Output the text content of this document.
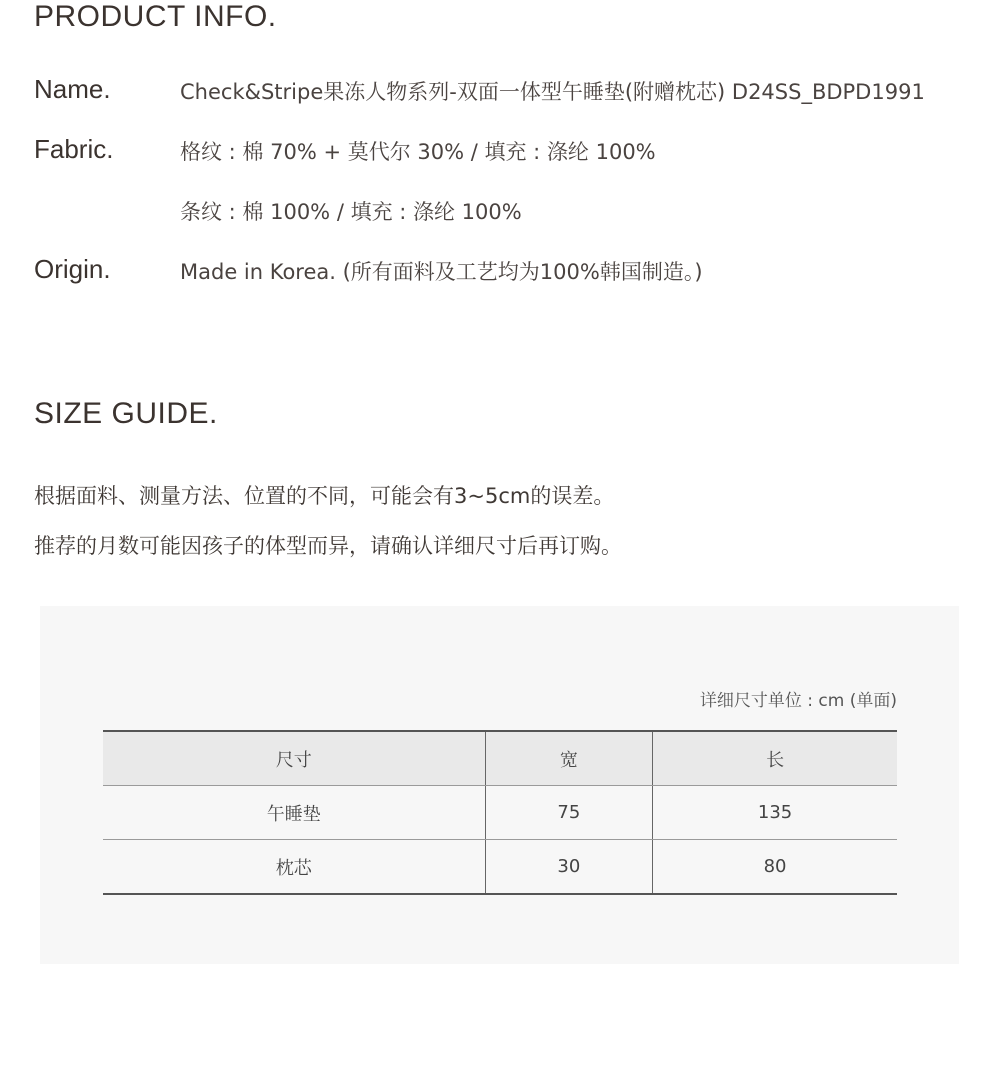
PRODUCT INFO.
Name.	Check&Stripe果冻人物系列-双面一体型午睡垫(附赠枕芯) D24SS_BDPD1991
Fabric.	格纹 : 棉 70% + 莫代尔 30% / 填充 : 涤纶 100%
条纹 : 棉 100% / 填充 : 涤纶 100%
Origin.	Made in Korea. (所有面料及工艺均为100%韩国制造。)
SIZE GUIDE.
根据面料、测量方法、位置的不同，可能会有3~5cm的误差。
推荐的月数可能因孩子的体型而异，请确认详细尺寸后再订购。
详细尺寸单位 : cm (单面)
尺寸	宽	长
午睡垫	75	135
枕芯	30	80
